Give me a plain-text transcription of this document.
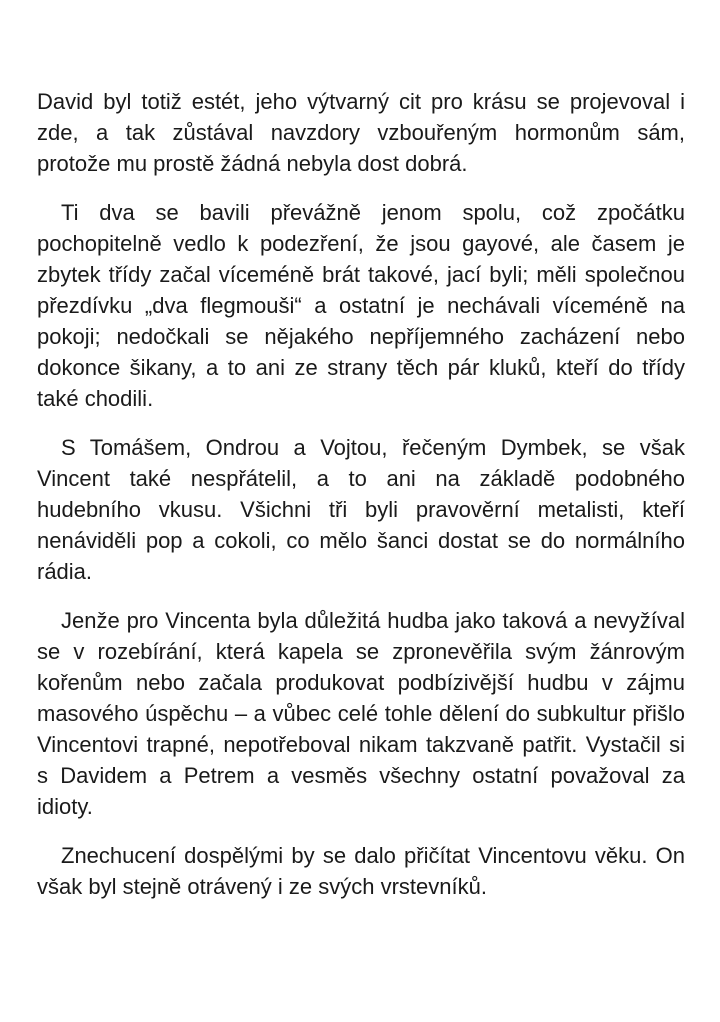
David byl totiž estét, jeho výtvarný cit pro krásu se projevoval i zde, a tak zůstával navzdory vzbouřeným hormonům sám, protože mu prostě žádná nebyla dost dobrá.

Ti dva se bavili převážně jenom spolu, což zpočátku pochopitelně vedlo k podezření, že jsou gayové, ale časem je zbytek třídy začal víceméně brát takové, jací byli; měli společnou přezdívku „dva flegmouši“ a ostatní je nechávali víceméně na pokoji; nedočkali se nějakého nepříjemného zacházení nebo dokonce šikany, a to ani ze strany těch pár kluků, kteří do třídy také chodili.

S Tomášem, Ondrou a Vojtou, řečeným Dymbek, se však Vincent také nespřátelil, a to ani na základě podobného hudebního vkusu. Všichni tři byli pravověrní metalisti, kteří nenáviděli pop a cokoli, co mělo šanci dostat se do normálního rádia.

Jenže pro Vincenta byla důležitá hudba jako taková a nevyžíval se v rozebírání, která kapela se zpronevěřila svým žánrovým kořenům nebo začala produkovat podbízivější hudbu v zájmu masového úspěchu – a vůbec celé tohle dělení do subkultur přišlo Vincentovi trapné, nepotřeboval nikam takzvaně patřit. Vystačil si s Davidem a Petrem a vesměs všechny ostatní považoval za idioty.

Znechucení dospělými by se dalo přičítat Vincentovu věku. On však byl stejně otrávený i ze svých vrstevníků.
